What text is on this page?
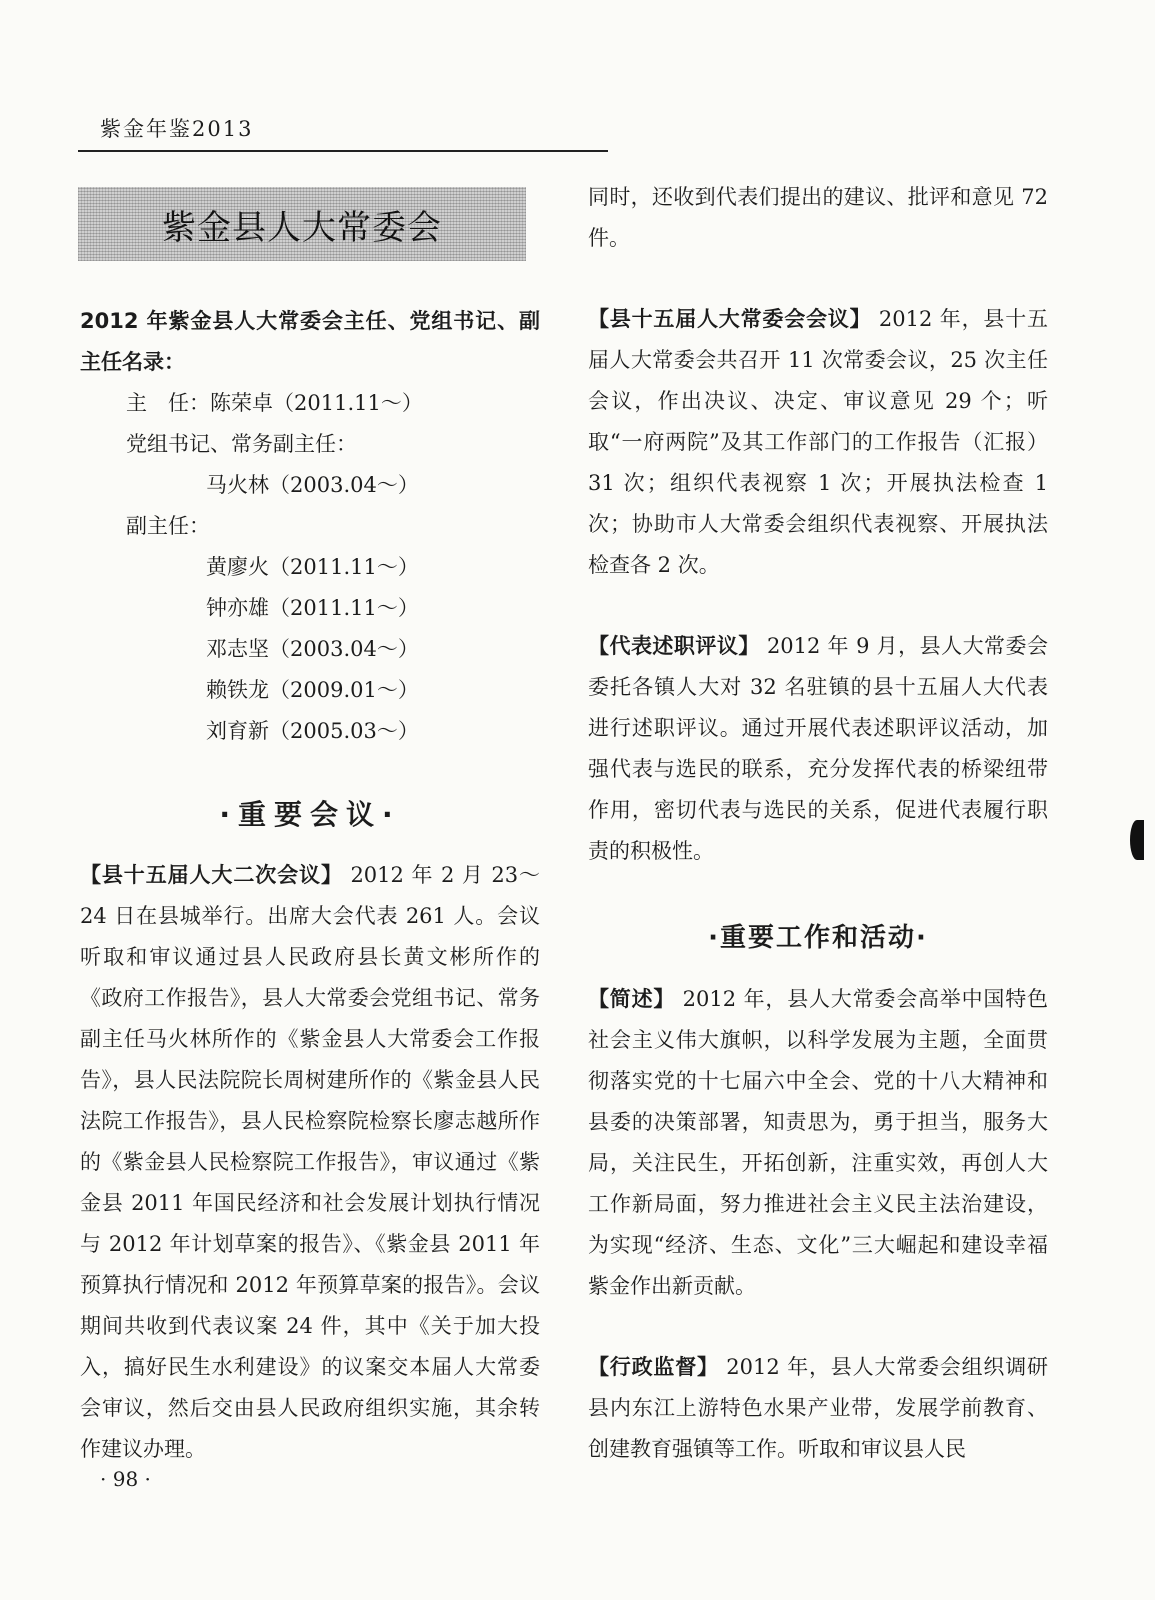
紫金年鉴2013
紫金县人大常委会

2012 年紫金县人大常委会主任、党组书记、副主任名录：

主　任：陈荣卓（2011.11～）
党组书记、常务副主任：
马火林（2003.04～）
副主任：
黄廖火（2011.11～）
钟亦雄（2011.11～）
邓志坚（2003.04～）
赖铁龙（2009.01～）
刘育新（2005.03～）
·重要会议·

【县十五届人大二次会议】 2012 年 2 月 23～24 日在县城举行。出席大会代表 261 人。会议听取和审议通过县人民政府县长黄文彬所作的《政府工作报告》，县人大常委会党组书记、常务副主任马火林所作的《紫金县人大常委会工作报告》，县人民法院院长周树建所作的《紫金县人民法院工作报告》，县人民检察院检察长廖志越所作的《紫金县人民检察院工作报告》，审议通过《紫金县 2011 年国民经济和社会发展计划执行情况与 2012 年计划草案的报告》、《紫金县 2011 年预算执行情况和 2012 年预算草案的报告》。会议期间共收到代表议案 24 件，其中《关于加大投入，搞好民生水利建设》的议案交本届人大常委会审议，然后交由县人民政府组织实施，其余转作建议办理。

同时，还收到代表们提出的建议、批评和意见 72 件。

【县十五届人大常委会会议】 2012 年，县十五届人大常委会共召开 11 次常委会议，25 次主任会议，作出决议、决定、审议意见 29 个；听取“一府两院”及其工作部门的工作报告（汇报）31 次；组织代表视察 1 次；开展执法检查 1 次；协助市人大常委会组织代表视察、开展执法检查各 2 次。

【代表述职评议】 2012 年 9 月，县人大常委会委托各镇人大对 32 名驻镇的县十五届人大代表进行述职评议。通过开展代表述职评议活动，加强代表与选民的联系，充分发挥代表的桥梁纽带作用，密切代表与选民的关系，促进代表履行职责的积极性。

·重要工作和活动·

【简述】 2012 年，县人大常委会高举中国特色社会主义伟大旗帜，以科学发展为主题，全面贯彻落实党的十七届六中全会、党的十八大精神和县委的决策部署，知责思为，勇于担当，服务大局，关注民生，开拓创新，注重实效，再创人大工作新局面，努力推进社会主义民主法治建设，为实现“经济、生态、文化”三大崛起和建设幸福紫金作出新贡献。

【行政监督】 2012 年，县人大常委会组织调研县内东江上游特色水果产业带，发展学前教育、创建教育强镇等工作。听取和审议县人民

· 98 ·
